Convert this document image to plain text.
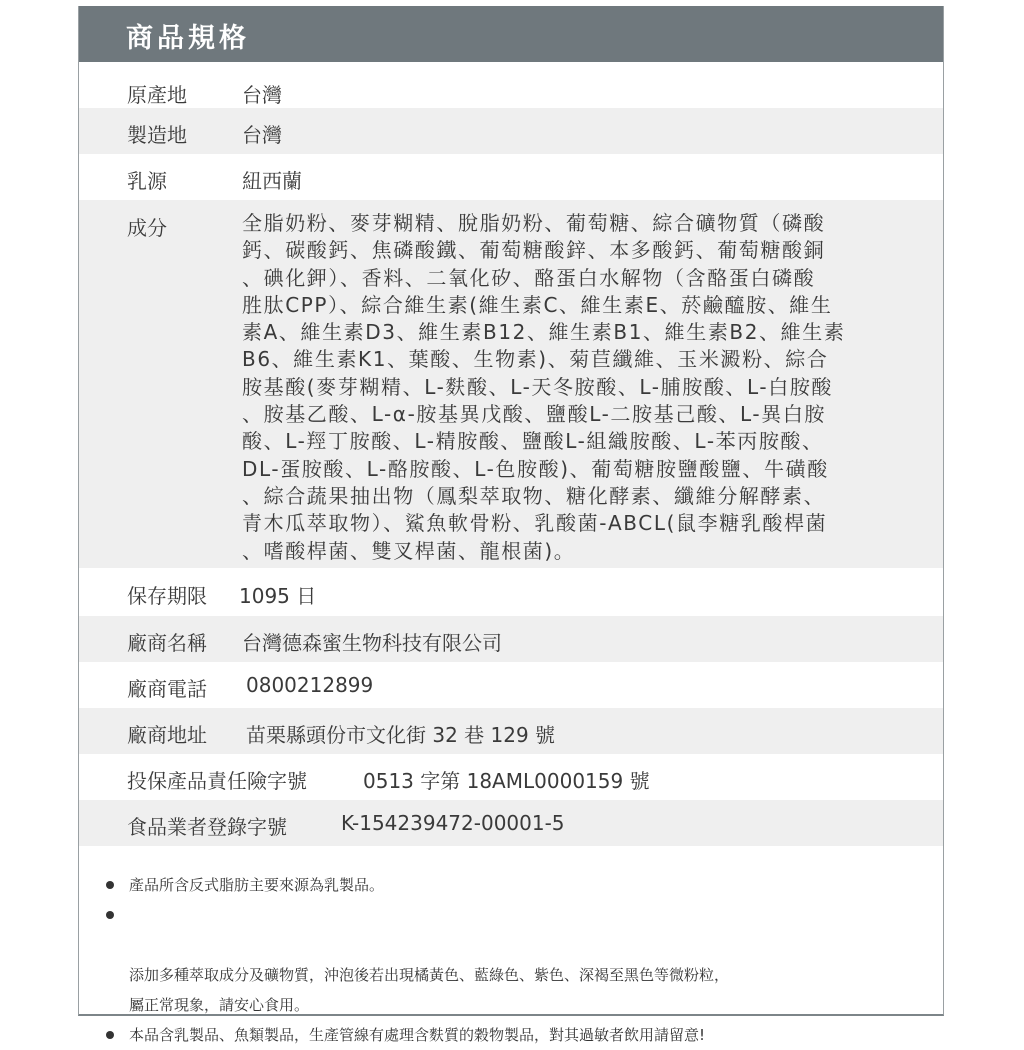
商品規格
原產地	台灣
製造地	台灣
乳源	紐西蘭
成分	全脂奶粉、麥芽糊精、脫脂奶粉、葡萄糖、綜合礦物質（磷酸
鈣、碳酸鈣、焦磷酸鐵、葡萄糖酸鋅、本多酸鈣、葡萄糖酸銅
、碘化鉀）、香料、二氧化矽、酪蛋白水解物（含酪蛋白磷酸
胜肽CPP）、綜合維生素(維生素C、維生素E、菸鹼醯胺、維生
素A、維生素D3、維生素B12、維生素B1、維生素B2、維生素
B6、維生素K1、葉酸、生物素)、菊苣纖維、玉米澱粉、綜合
胺基酸(麥芽糊精、L-麩酸、L-天冬胺酸、L-脯胺酸、L-白胺酸
、胺基乙酸、L-α-胺基異戊酸、鹽酸L-二胺基己酸、L-異白胺
酸、L-羥丁胺酸、L-精胺酸、鹽酸L-組織胺酸、L-苯丙胺酸、
DL-蛋胺酸、L-酪胺酸、L-色胺酸)、葡萄糖胺鹽酸鹽、牛磺酸
、綜合蔬果抽出物（鳳梨萃取物、糖化酵素、纖維分解酵素、
青木瓜萃取物）、鯊魚軟骨粉、乳酸菌-ABCL(鼠李糖乳酸桿菌
、嗜酸桿菌、雙叉桿菌、龍根菌)。
保存期限 1095 日
廠商名稱 台灣德森蜜生物科技有限公司
廠商電話 0800212899
廠商地址 苗栗縣頭份市文化街 32 巷 129 號
投保產品責任險字號	0513 字第 18AML0000159 號
食品業者登錄字號	K-154239472-00001-5
產品所含反式脂肪主要來源為乳製品。

添加多種萃取成分及礦物質，沖泡後若出現橘黃色、藍綠色、紫色、深褐至黑色等微粉粒，
屬正常現象，請安心食用。

本品含乳製品、魚類製品，生產管線有處理含麩質的穀物製品，對其過敏者飲用請留意!
